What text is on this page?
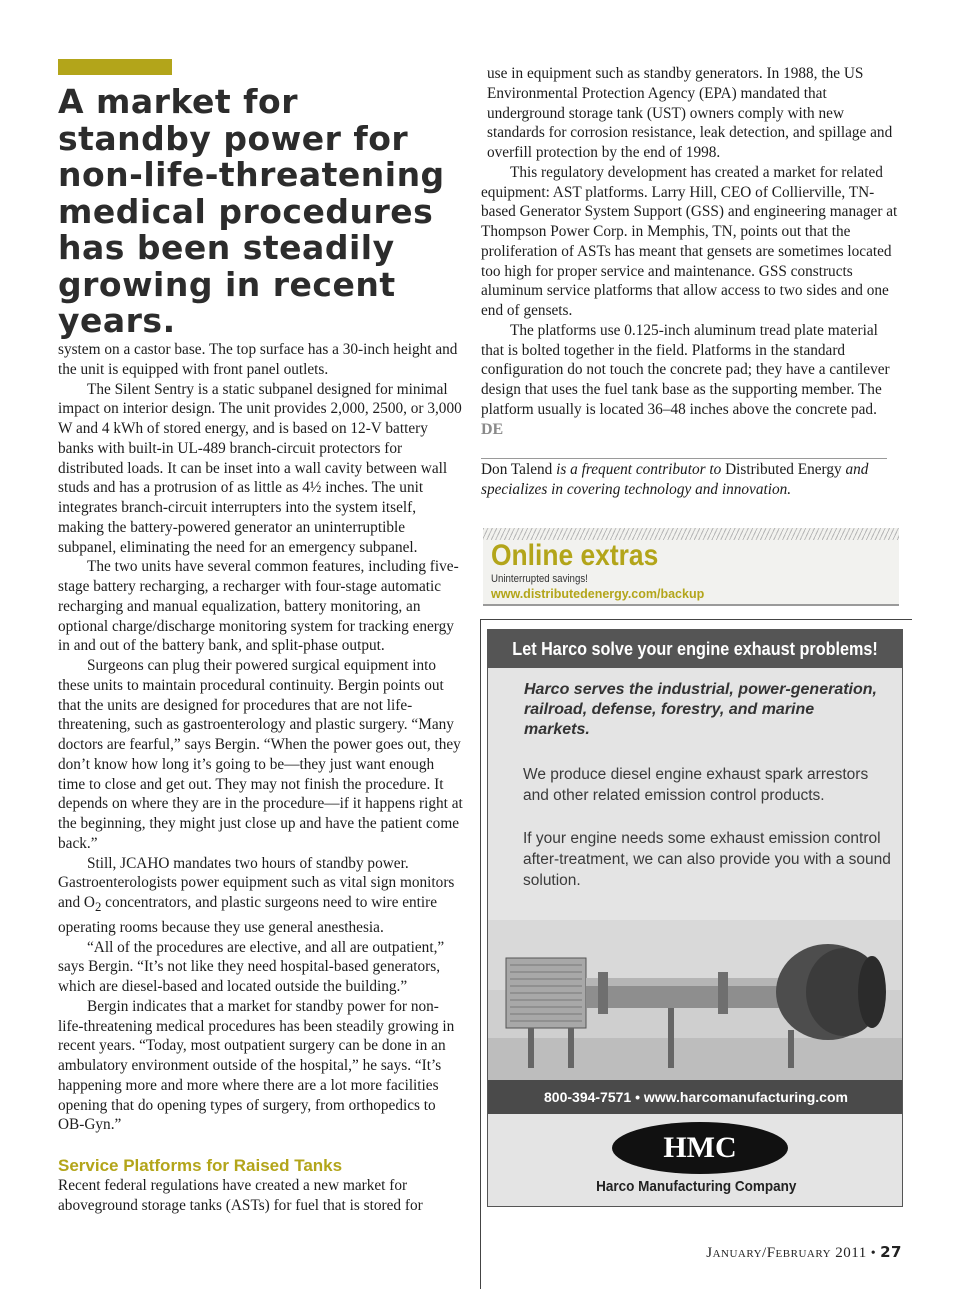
A market for standby power for non-life-threatening medical procedures has been steadily growing in recent years.

system on a castor base. The top surface has a 30-inch height and the unit is equipped with front panel outlets.

The Silent Sentry is a static subpanel designed for minimal impact on interior design. The unit provides 2,000, 2500, or 3,000 W and 4 kWh of stored energy, and is based on 12-V battery banks with built-in UL-489 branch-circuit protectors for distributed loads. It can be inset into a wall cavity between wall studs and has a protrusion of as little as 4½ inches. The unit integrates branch-circuit interrupters into the system itself, making the battery-powered generator an uninterruptible subpanel, eliminating the need for an emergency subpanel.

The two units have several common features, including five-stage battery recharging, a recharger with four-stage automatic recharging and manual equalization, battery monitoring, an optional charge/discharge monitoring system for tracking energy in and out of the battery bank, and split-phase output.

Surgeons can plug their powered surgical equipment into these units to maintain procedural continuity. Bergin points out that the units are designed for procedures that are not life-threatening, such as gastroenterology and plastic surgery. “Many doctors are fearful,” says Bergin. “When the power goes out, they don’t know how long it’s going to be—they just want enough time to close and get out. They may not finish the procedure. It depends on where they are in the procedure—if it happens right at the beginning, they might just close up and have the patient come back.”

Still, JCAHO mandates two hours of standby power. Gastroenterologists power equipment such as vital sign monitors and $O_2$ concentrators, and plastic surgeons need to wire entire operating rooms because they use general anesthesia.

“All of the procedures are elective, and all are outpatient,” says Bergin. “It’s not like they need hospital-based generators, which are diesel-based and located outside the building.”

Bergin indicates that a market for standby power for non-life-threatening medical procedures has been steadily growing in recent years. “Today, most outpatient surgery can be done in an ambulatory environment outside of the hospital,” he says. “It’s happening more and more where there are a lot more facilities opening that do opening types of surgery, from orthopedics to OB-Gyn.”

Service Platforms for Raised Tanks

Recent federal regulations have created a new market for aboveground storage tanks (ASTs) for fuel that is stored for

use in equipment such as standby generators. In 1988, the US Environmental Protection Agency (EPA) mandated that underground storage tank (UST) owners comply with new standards for corrosion resistance, leak detection, and spillage and overfill protection by the end of 1998.

This regulatory development has created a market for related equipment: AST platforms. Larry Hill, CEO of Collierville, TN-based Generator System Support (GSS) and engineering manager at Thompson Power Corp. in Memphis, TN, points out that the proliferation of ASTs has meant that gensets are sometimes located too high for proper service and maintenance. GSS constructs aluminum service platforms that allow access to two sides and one end of gensets.

The platforms use 0.125-inch aluminum tread plate material that is bolted together in the field. Platforms in the standard configuration do not touch the concrete pad; they have a cantilever design that uses the fuel tank base as the supporting member. The platform usually is located 36–48 inches above the concrete pad. DE

Don Talend is a frequent contributor to Distributed Energy and specializes in covering technology and innovation.
Online extras
Uninterrupted savings!
www.distributedenergy.com/backup
Let Harco solve your engine exhaust problems!
Harco serves the industrial, power-generation, railroad, defense, forestry, and marine markets.
We produce diesel engine exhaust spark arrestors and other related emission control products.
If your engine needs some exhaust emission control after-treatment, we can also provide you with a sound solution.
800-394-7571 • www.harcomanufacturing.com
HMC
Harco Manufacturing Company
January/February 2011 • 27
